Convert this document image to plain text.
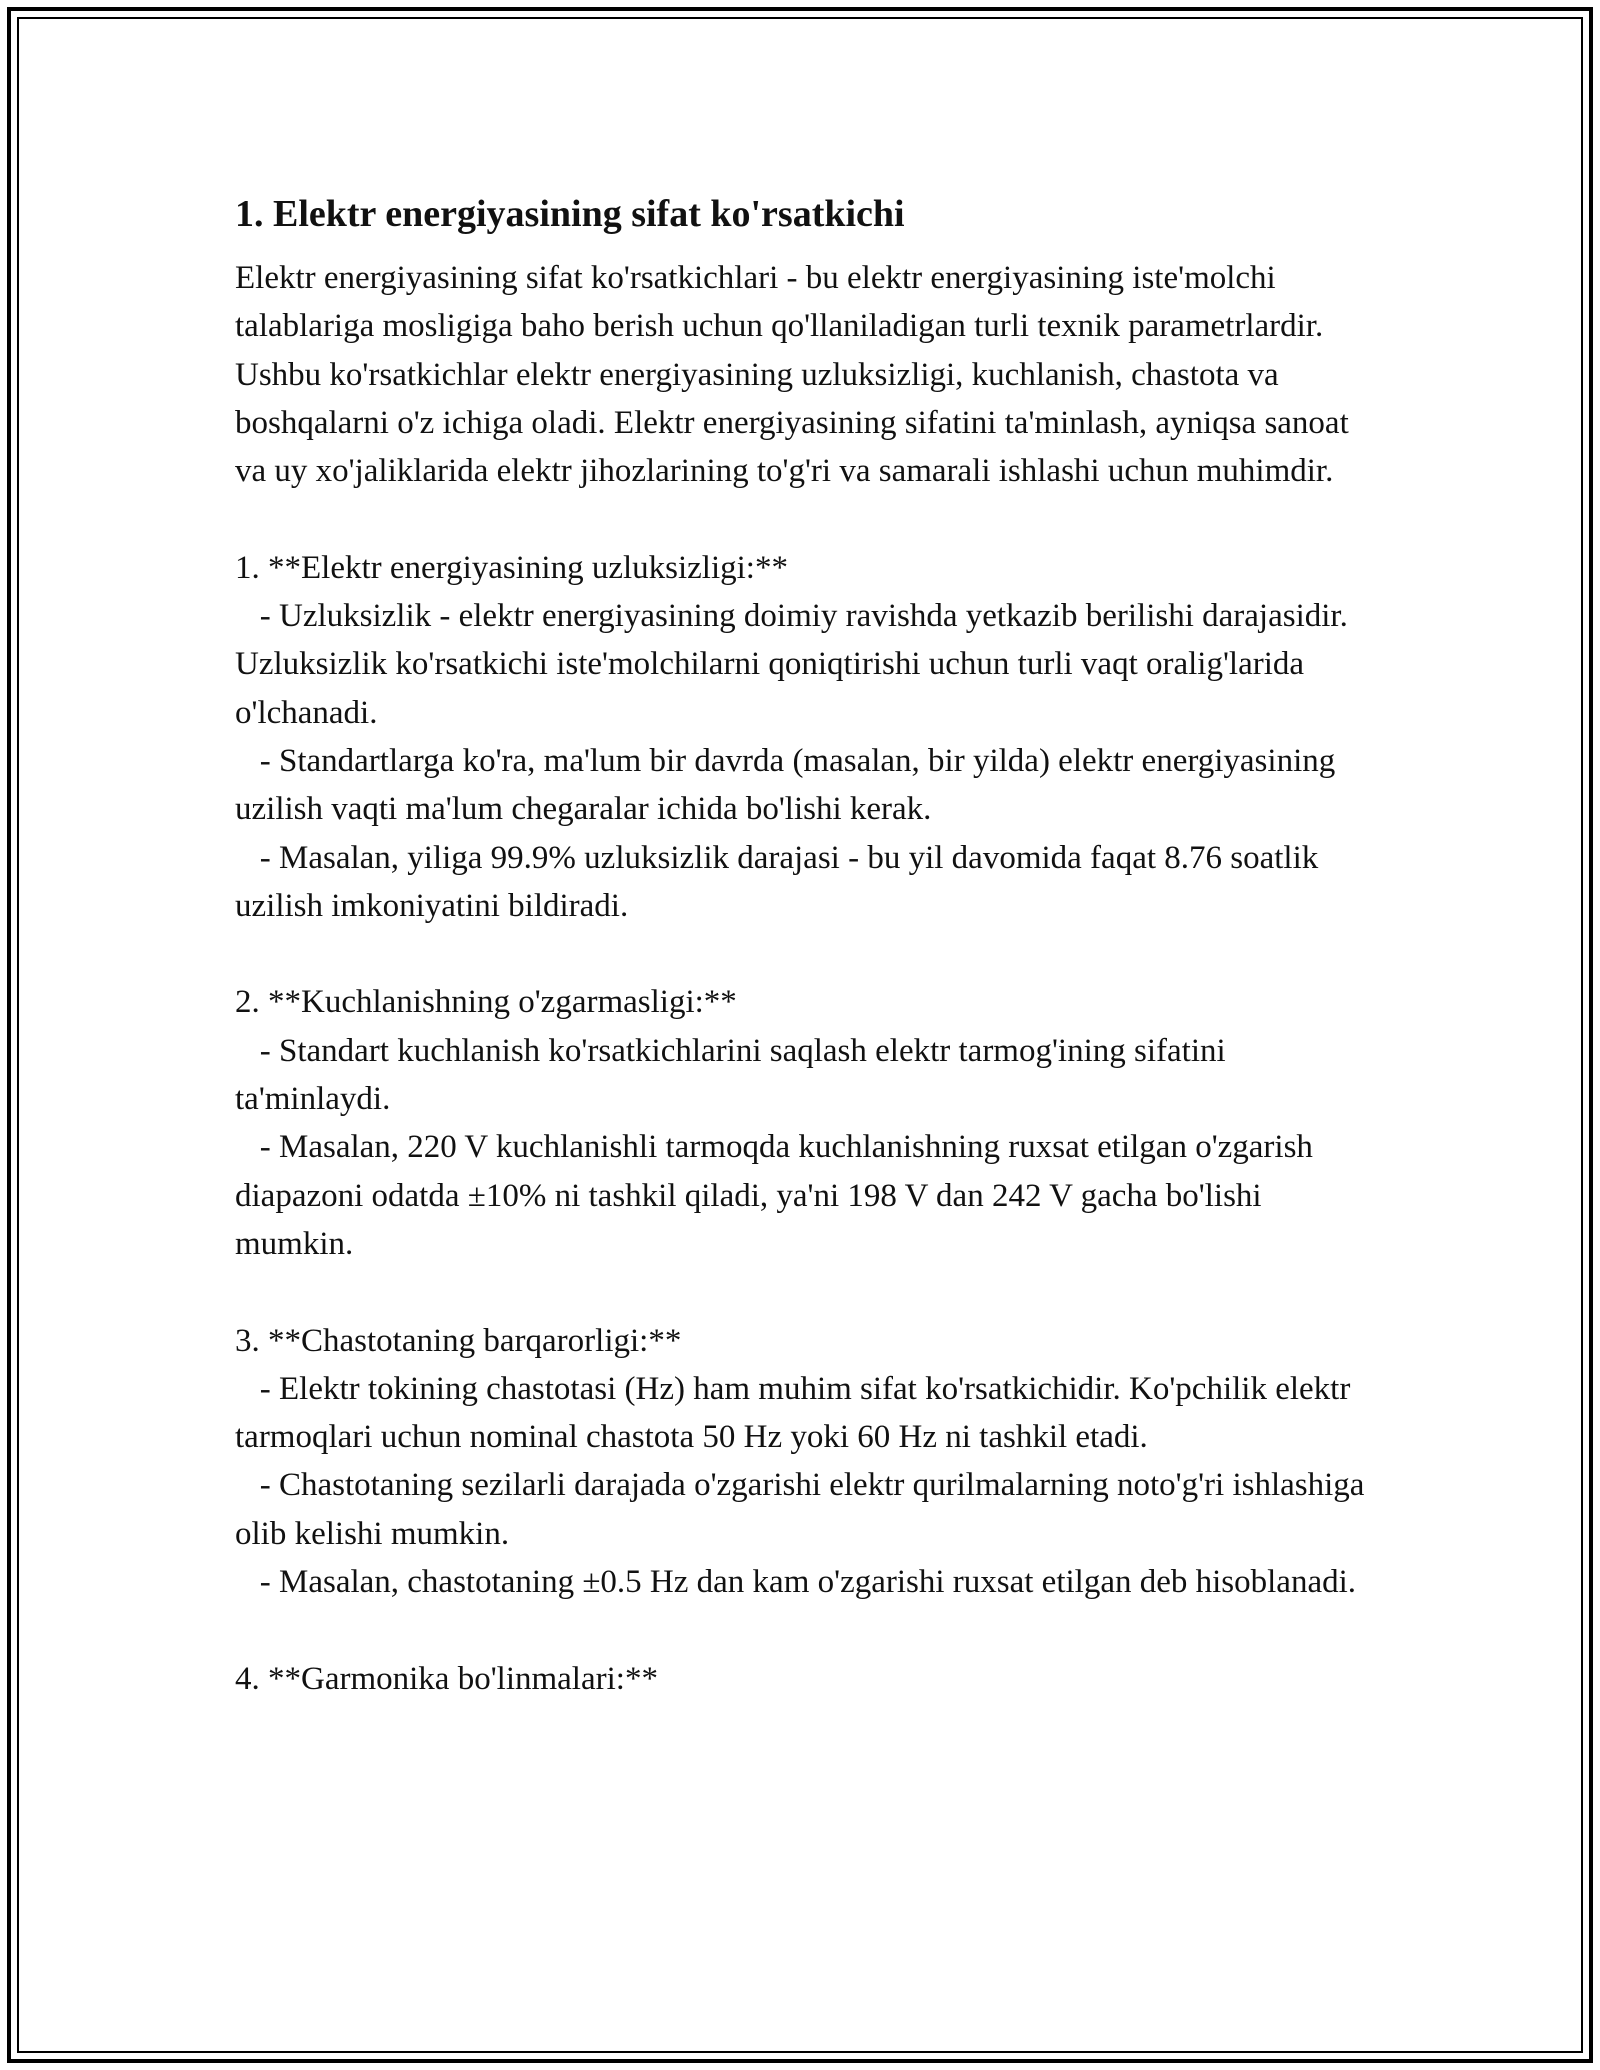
1. Elektr energiyasining sifat ko'rsatkichi

Elektr energiyasining sifat ko'rsatkichlari - bu elektr energiyasining iste'molchi talablariga mosligiga baho berish uchun qo'llaniladigan turli texnik parametrlardir. Ushbu ko'rsatkichlar elektr energiyasining uzluksizligi, kuchlanish, chastota va boshqalarni o'z ichiga oladi. Elektr energiyasining sifatini ta'minlash, ayniqsa sanoat va uy xo'jaliklarida elektr jihozlarining to'g'ri va samarali ishlashi uchun muhimdir.

1. **Elektr energiyasining uzluksizligi:**

- Uzluksizlik - elektr energiyasining doimiy ravishda yetkazib berilishi darajasidir. Uzluksizlik ko'rsatkichi iste'molchilarni qoniqtirishi uchun turli vaqt oralig'larida o'lchanadi.

- Standartlarga ko'ra, ma'lum bir davrda (masalan, bir yilda) elektr energiyasining uzilish vaqti ma'lum chegaralar ichida bo'lishi kerak.

- Masalan, yiliga 99.9% uzluksizlik darajasi - bu yil davomida faqat 8.76 soatlik uzilish imkoniyatini bildiradi.

2. **Kuchlanishning o'zgarmasligi:**

- Standart kuchlanish ko'rsatkichlarini saqlash elektr tarmog'ining sifatini ta'minlaydi.

- Masalan, 220 V kuchlanishli tarmoqda kuchlanishning ruxsat etilgan o'zgarish diapazoni odatda ±10% ni tashkil qiladi, ya'ni 198 V dan 242 V gacha bo'lishi mumkin.

3. **Chastotaning barqarorligi:**

- Elektr tokining chastotasi (Hz) ham muhim sifat ko'rsatkichidir. Ko'pchilik elektr tarmoqlari uchun nominal chastota 50 Hz yoki 60 Hz ni tashkil etadi.

- Chastotaning sezilarli darajada o'zgarishi elektr qurilmalarning noto'g'ri ishlashiga olib kelishi mumkin.

- Masalan, chastotaning ±0.5 Hz dan kam o'zgarishi ruxsat etilgan deb hisoblanadi.

4. **Garmonika bo'linmalari:**
